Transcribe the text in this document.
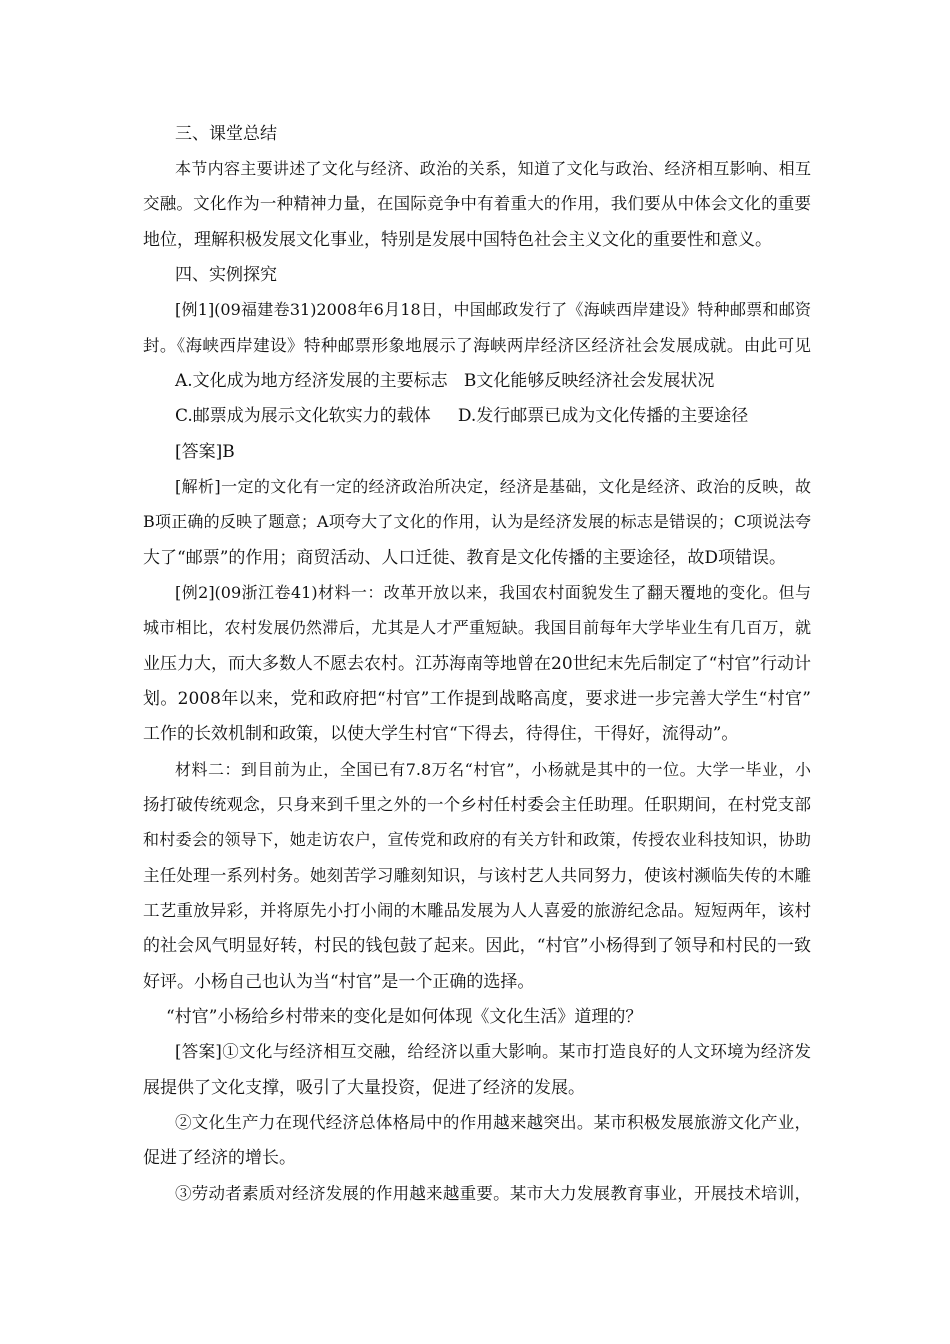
三、课堂总结
本节内容主要讲述了文化与经济、政治的关系，知道了文化与政治、经济相互影响、相互
交融。文化作为一种精神力量，在国际竞争中有着重大的作用，我们要从中体会文化的重要
地位，理解积极发展文化事业，特别是发展中国特色社会主义文化的重要性和意义。
四、实例探究
[例1](09福建卷31)2008年6月18日，中国邮政发行了《海峡西岸建设》特种邮票和邮资
封。《海峡西岸建设》特种邮票形象地展示了海峡两岸经济区经济社会发展成就。由此可见
A.文化成为地方经济发展的主要标志   B文化能够反映经济社会发展状况
C.邮票成为展示文化软实力的载体     D.发行邮票已成为文化传播的主要途径
[答案]B
[解析]一定的文化有一定的经济政治所决定，经济是基础，文化是经济、政治的反映，故
B项正确的反映了题意；A项夸大了文化的作用，认为是经济发展的标志是错误的；C项说法夸
大了“邮票”的作用；商贸活动、人口迁徙、教育是文化传播的主要途径，故D项错误。
[例2](09浙江卷41)材料一：改革开放以来，我国农村面貌发生了翻天覆地的变化。但与
城市相比，农村发展仍然滞后，尤其是人才严重短缺。我国目前每年大学毕业生有几百万，就
业压力大，而大多数人不愿去农村。江苏海南等地曾在20世纪末先后制定了“村官”行动计
划。2008年以来，党和政府把“村官”工作提到战略高度，要求进一步完善大学生“村官”
工作的长效机制和政策，以使大学生村官“下得去，待得住，干得好，流得动”。
材料二：到目前为止，全国已有7.8万名“村官”，小杨就是其中的一位。大学一毕业，小
扬打破传统观念，只身来到千里之外的一个乡村任村委会主任助理。任职期间，在村党支部
和村委会的领导下，她走访农户，宣传党和政府的有关方针和政策，传授农业科技知识，协助
主任处理一系列村务。她刻苦学习雕刻知识，与该村艺人共同努力，使该村濒临失传的木雕
工艺重放异彩，并将原先小打小闹的木雕品发展为人人喜爱的旅游纪念品。短短两年，该村
的社会风气明显好转，村民的钱包鼓了起来。因此，“村官”小杨得到了领导和村民的一致
好评。小杨自己也认为当“村官”是一个正确的选择。
“村官”小杨给乡村带来的变化是如何体现《文化生活》道理的？
[答案]①文化与经济相互交融，给经济以重大影响。某市打造良好的人文环境为经济发
展提供了文化支撑，吸引了大量投资，促进了经济的发展。
②文化生产力在现代经济总体格局中的作用越来越突出。某市积极发展旅游文化产业，
促进了经济的增长。
③劳动者素质对经济发展的作用越来越重要。某市大力发展教育事业，开展技术培训，
